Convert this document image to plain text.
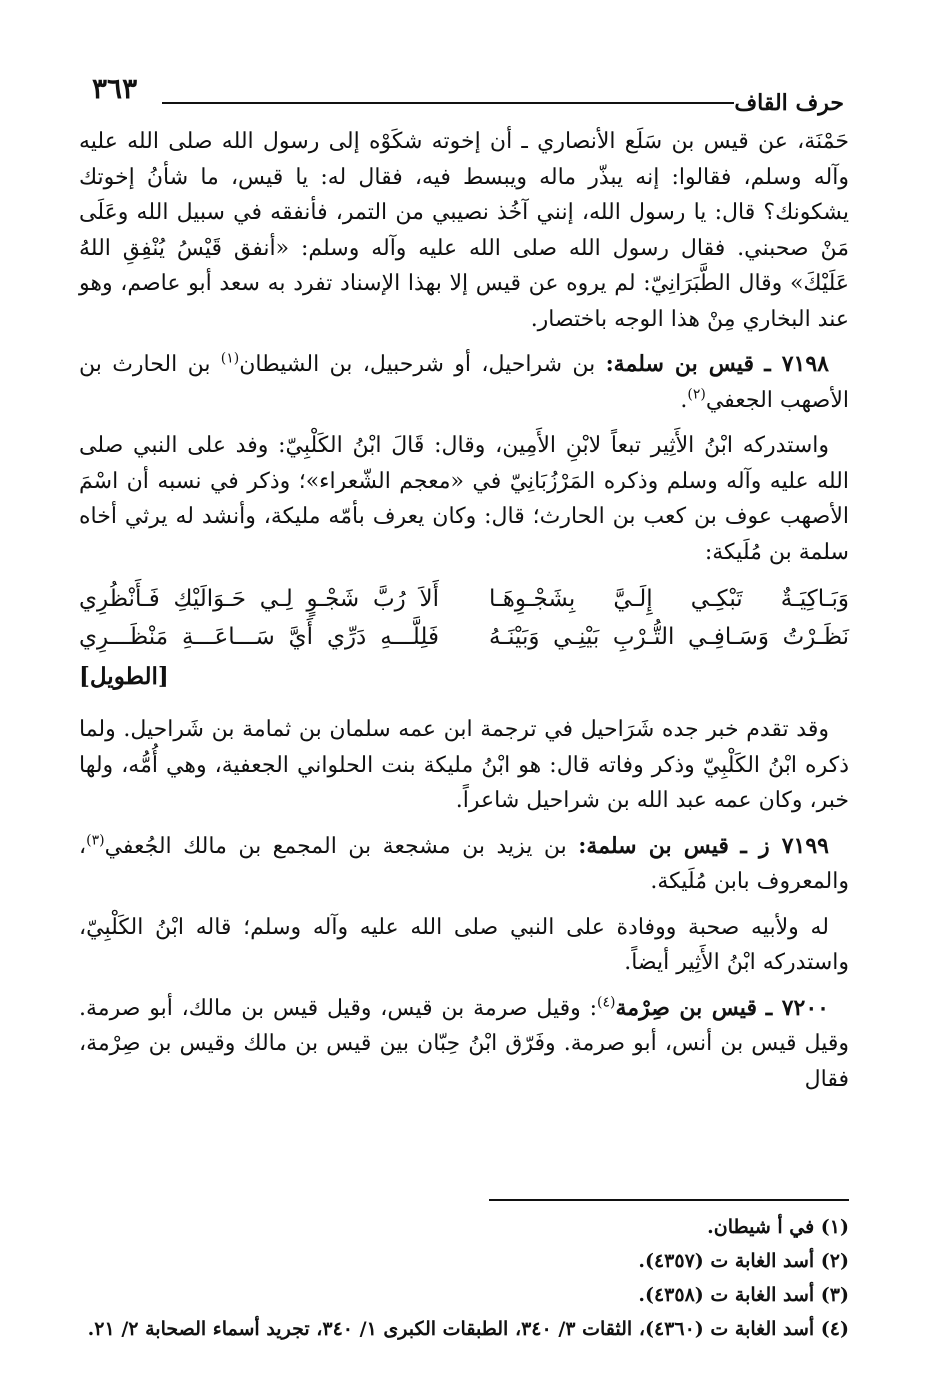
٣٦٣	حرف القاف

حَمْنَة، عن قيس بن سَلَع الأنصاري ـ أن إخوته شكَوْه إلى رسول الله صلى الله عليه وآله وسلم، فقالوا: إنه يبذّر ماله ويبسط فيه، فقال له: يا قيس، ما شأنُ إخوتك يشكونك؟ قال: يا رسول الله، إنني آخُذ نصيبي من التمر، فأنفقه في سبيل الله وعَلَى مَنْ صحبني. فقال رسول الله صلى الله عليه وآله وسلم: «أنفق قَيْسُ يُنْفِقِ اللهُ عَلَيْكَ» وقال الطَّبَرَانِيّ: لم يروه عن قيس إلا بهذا الإسناد تفرد به سعد أبو عاصم، وهو عند البخاري مِنْ هذا الوجه باختصار.

٧١٩٨ ـ قيس بن سلمة: بن شراحيل، أو شرحبيل، بن الشيطان$^{(١)}$ بن الحارث بن الأصهب الجعفي$^{(٢)}$.

واستدركه ابْنُ الأَثِير تبعاً لابْنِ الأَمِين، وقال: قَالَ ابْنُ الكَلْبِيّ: وفد على النبي صلى الله عليه وآله وسلم وذكره المَرْزُبَانِيّ في «معجم الشّعراء»؛ وذكر في نسبه أن اسْمَ الأصهب عوف بن كعب بن الحارث؛ قال: وكان يعرف بأمّه مليكة، وأنشد له يرثي أخاه سلمة بن مُلَيكة:

وَبَـاكِيَـةٌ تَبْكِـي إِلَـيَّ بِشَجْـوِهَـا
أَلاَ رُبَّ شَجْـوٍ لِـي حَـوَالَيْكِ فَـأَنْظُرِي
نَظَـرْتُ وَسَـافِـي التُّـرْبِ بَيْنِـي وَبَيْنَـهُ
فَلِلَّـــهِ دَرِّي أَيَّ سَـــاعَـــةِ مَنْظَـــرِي
[الطويل]

وقد تقدم خبر جده شَرَاحيل في ترجمة ابن عمه سلمان بن ثمامة بن شَراحيل. ولما ذكره ابْنُ الكَلْبِيّ وذكر وفاته قال: هو ابْنُ مليكة بنت الحلواني الجعفية، وهي أُمُّه، ولها خبر، وكان عمه عبد الله بن شراحيل شاعراً.

٧١٩٩ ز ـ قيس بن سلمة: بن يزيد بن مشجعة بن المجمع بن مالك الجُعفي$^{(٣)}$، والمعروف بابن مُلَيكة.

له ولأبيه صحبة ووفادة على النبي صلى الله عليه وآله وسلم؛ قاله ابْنُ الكَلْبِيّ، واستدركه ابْنُ الأَثِير أيضاً.

٧٢٠٠ ـ قيس بن صِرْمة$^{(٤)}$: وقيل صرمة بن قيس، وقيل قيس بن مالك، أبو صرمة. وقيل قيس بن أنس، أبو صرمة. وفَرّق ابْنُ حِبّان بين قيس بن مالك وقيس بن صِرْمة، فقال

(١) في أ شيطان.
(٢) أسد الغابة ت (٤٣٥٧).
(٣) أسد الغابة ت (٤٣٥٨).
(٤) أسد الغابة ت (٤٣٦٠)، الثقات ٣/ ٣٤٠، الطبقات الكبرى ١/ ٣٤٠، تجريد أسماء الصحابة ٢/ ٢١.
